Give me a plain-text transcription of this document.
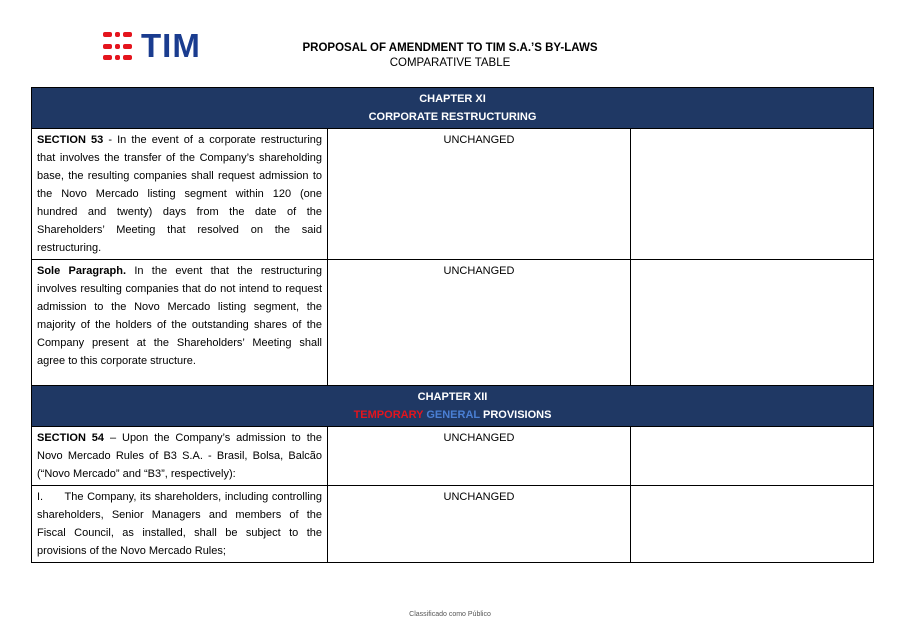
TIM	PROPOSAL OF AMENDMENT TO TIM S.A.’S BY-LAWS
COMPARATIVE TABLE
CHAPTER XI
CORPORATE RESTRUCTURING		

SECTION 53 - In the event of a corporate restructuring that involves the transfer of the Company’s shareholding base, the resulting companies shall request admission to the Novo Mercado listing segment within 120 (one hundred and twenty) days from the date of the Shareholders’ Meeting that resolved on the said restructuring.	UNCHANGED	
Sole Paragraph. In the event that the restructuring involves resulting companies that do not intend to request admission to the Novo Mercado listing segment, the majority of the holders of the outstanding shares of the Company present at the Shareholders’ Meeting shall agree to this corporate structure.	UNCHANGED	

CHAPTER XII
TEMPORARY GENERAL PROVISIONS		

SECTION 54 – Upon the Company’s admission to the Novo Mercado Rules of B3 S.A. - Brasil, Bolsa, Balcão (“Novo Mercado” and “B3”, respectively):	UNCHANGED	
I.      The Company, its shareholders, including controlling shareholders, Senior Managers and members of the Fiscal Council, as installed, shall be subject to the provisions of the Novo Mercado Rules;	UNCHANGED	
Classificado como Público
